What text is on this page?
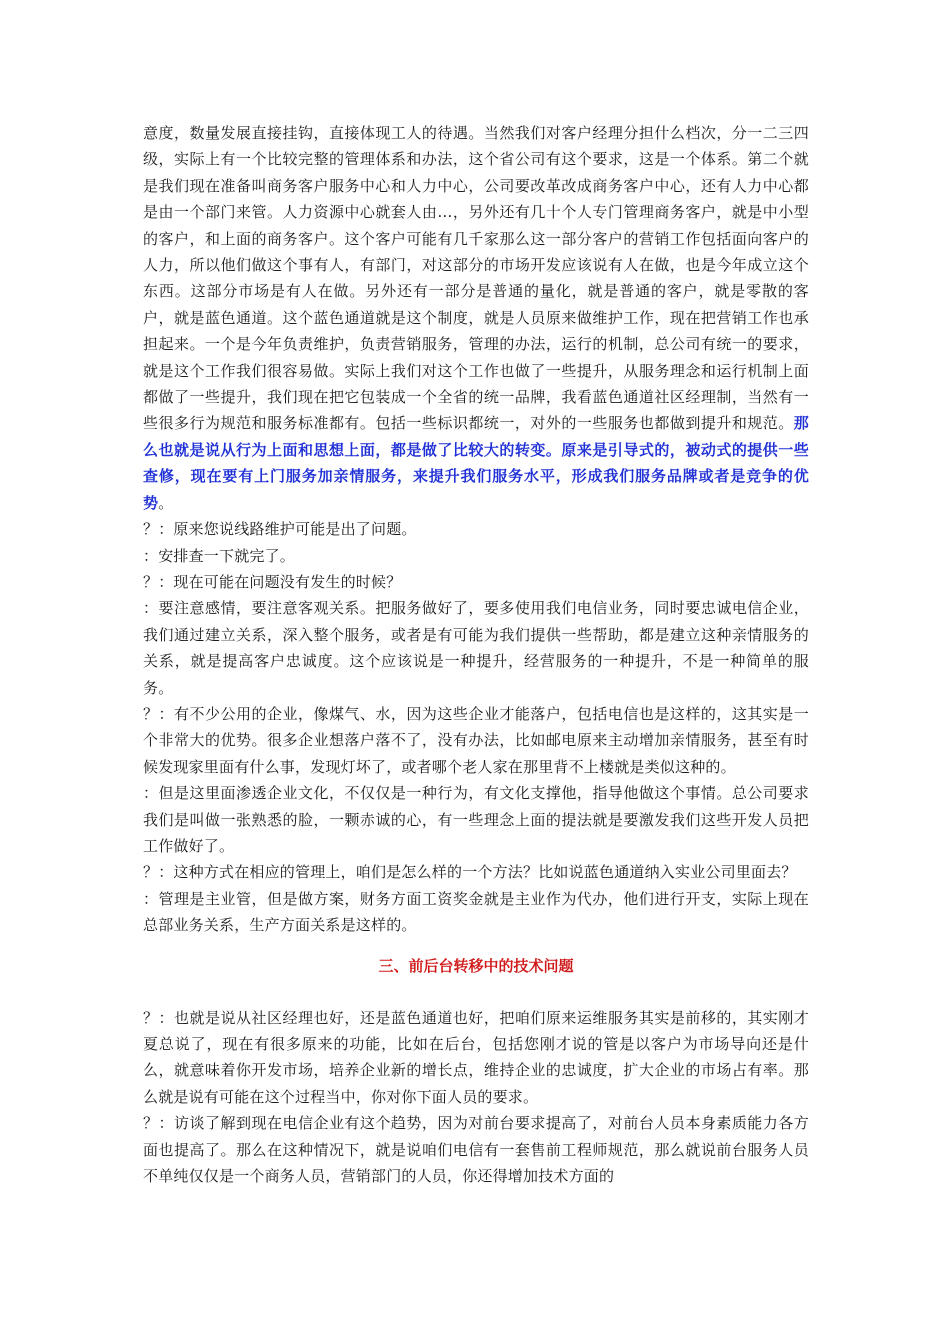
意度，数量发展直接挂钩，直接体现工人的待遇。当然我们对客户经理分担什么档次，分一二三四级，实际上有一个比较完整的管理体系和办法，这个省公司有这个要求，这是一个体系。第二个就是我们现在准备叫商务客户服务中心和人力中心，公司要改革改成商务客户中心，还有人力中心都是由一个部门来管。人力资源中心就套人由…，另外还有几十个人专门管理商务客户，就是中小型的客户，和上面的商务客户。这个客户可能有几千家那么这一部分客户的营销工作包括面向客户的人力，所以他们做这个事有人，有部门，对这部分的市场开发应该说有人在做，也是今年成立这个东西。这部分市场是有人在做。另外还有一部分是普通的量化，就是普通的客户，就是零散的客户，就是蓝色通道。这个蓝色通道就是这个制度，就是人员原来做维护工作，现在把营销工作也承担起来。一个是今年负责维护，负责营销服务，管理的办法，运行的机制，总公司有统一的要求，就是这个工作我们很容易做。实际上我们对这个工作也做了一些提升，从服务理念和运行机制上面都做了一些提升，我们现在把它包装成一个全省的统一品牌，我看蓝色通道社区经理制，当然有一些很多行为规范和服务标准都有。包括一些标识都统一，对外的一些服务也都做到提升和规范。那么也就是说从行为上面和思想上面，都是做了比较大的转变。原来是引导式的，被动式的提供一些查修，现在要有上门服务加亲情服务，来提升我们服务水平，形成我们服务品牌或者是竞争的优势。

？：原来您说线路维护可能是出了问题。

：安排查一下就完了。

？：现在可能在问题没有发生的时候？

：要注意感情，要注意客观关系。把服务做好了，要多使用我们电信业务，同时要忠诚电信企业，我们通过建立关系，深入整个服务，或者是有可能为我们提供一些帮助，都是建立这种亲情服务的关系，就是提高客户忠诚度。这个应该说是一种提升，经营服务的一种提升，不是一种简单的服务。

？：有不少公用的企业，像煤气、水，因为这些企业才能落户，包括电信也是这样的，这其实是一个非常大的优势。很多企业想落户落不了，没有办法，比如邮电原来主动增加亲情服务，甚至有时候发现家里面有什么事，发现灯坏了，或者哪个老人家在那里背不上楼就是类似这种的。

：但是这里面渗透企业文化，不仅仅是一种行为，有文化支撑他，指导他做这个事情。总公司要求我们是叫做一张熟悉的脸，一颗赤诚的心，有一些理念上面的提法就是要激发我们这些开发人员把工作做好了。

？：这种方式在相应的管理上，咱们是怎么样的一个方法？比如说蓝色通道纳入实业公司里面去？

：管理是主业管，但是做方案，财务方面工资奖金就是主业作为代办，他们进行开支，实际上现在总部业务关系，生产方面关系是这样的。

三、前后台转移中的技术问题

？：也就是说从社区经理也好，还是蓝色通道也好，把咱们原来运维服务其实是前移的，其实刚才夏总说了，现在有很多原来的功能，比如在后台，包括您刚才说的管是以客户为市场导向还是什么，就意味着你开发市场，培养企业新的增长点，维持企业的忠诚度，扩大企业的市场占有率。那么就是说有可能在这个过程当中，你对你下面人员的要求。

？：访谈了解到现在电信企业有这个趋势，因为对前台要求提高了，对前台人员本身素质能力各方面也提高了。那么在这种情况下，就是说咱们电信有一套售前工程师规范，那么就说前台服务人员不单纯仅仅是一个商务人员，营销部门的人员，你还得增加技术方面的
